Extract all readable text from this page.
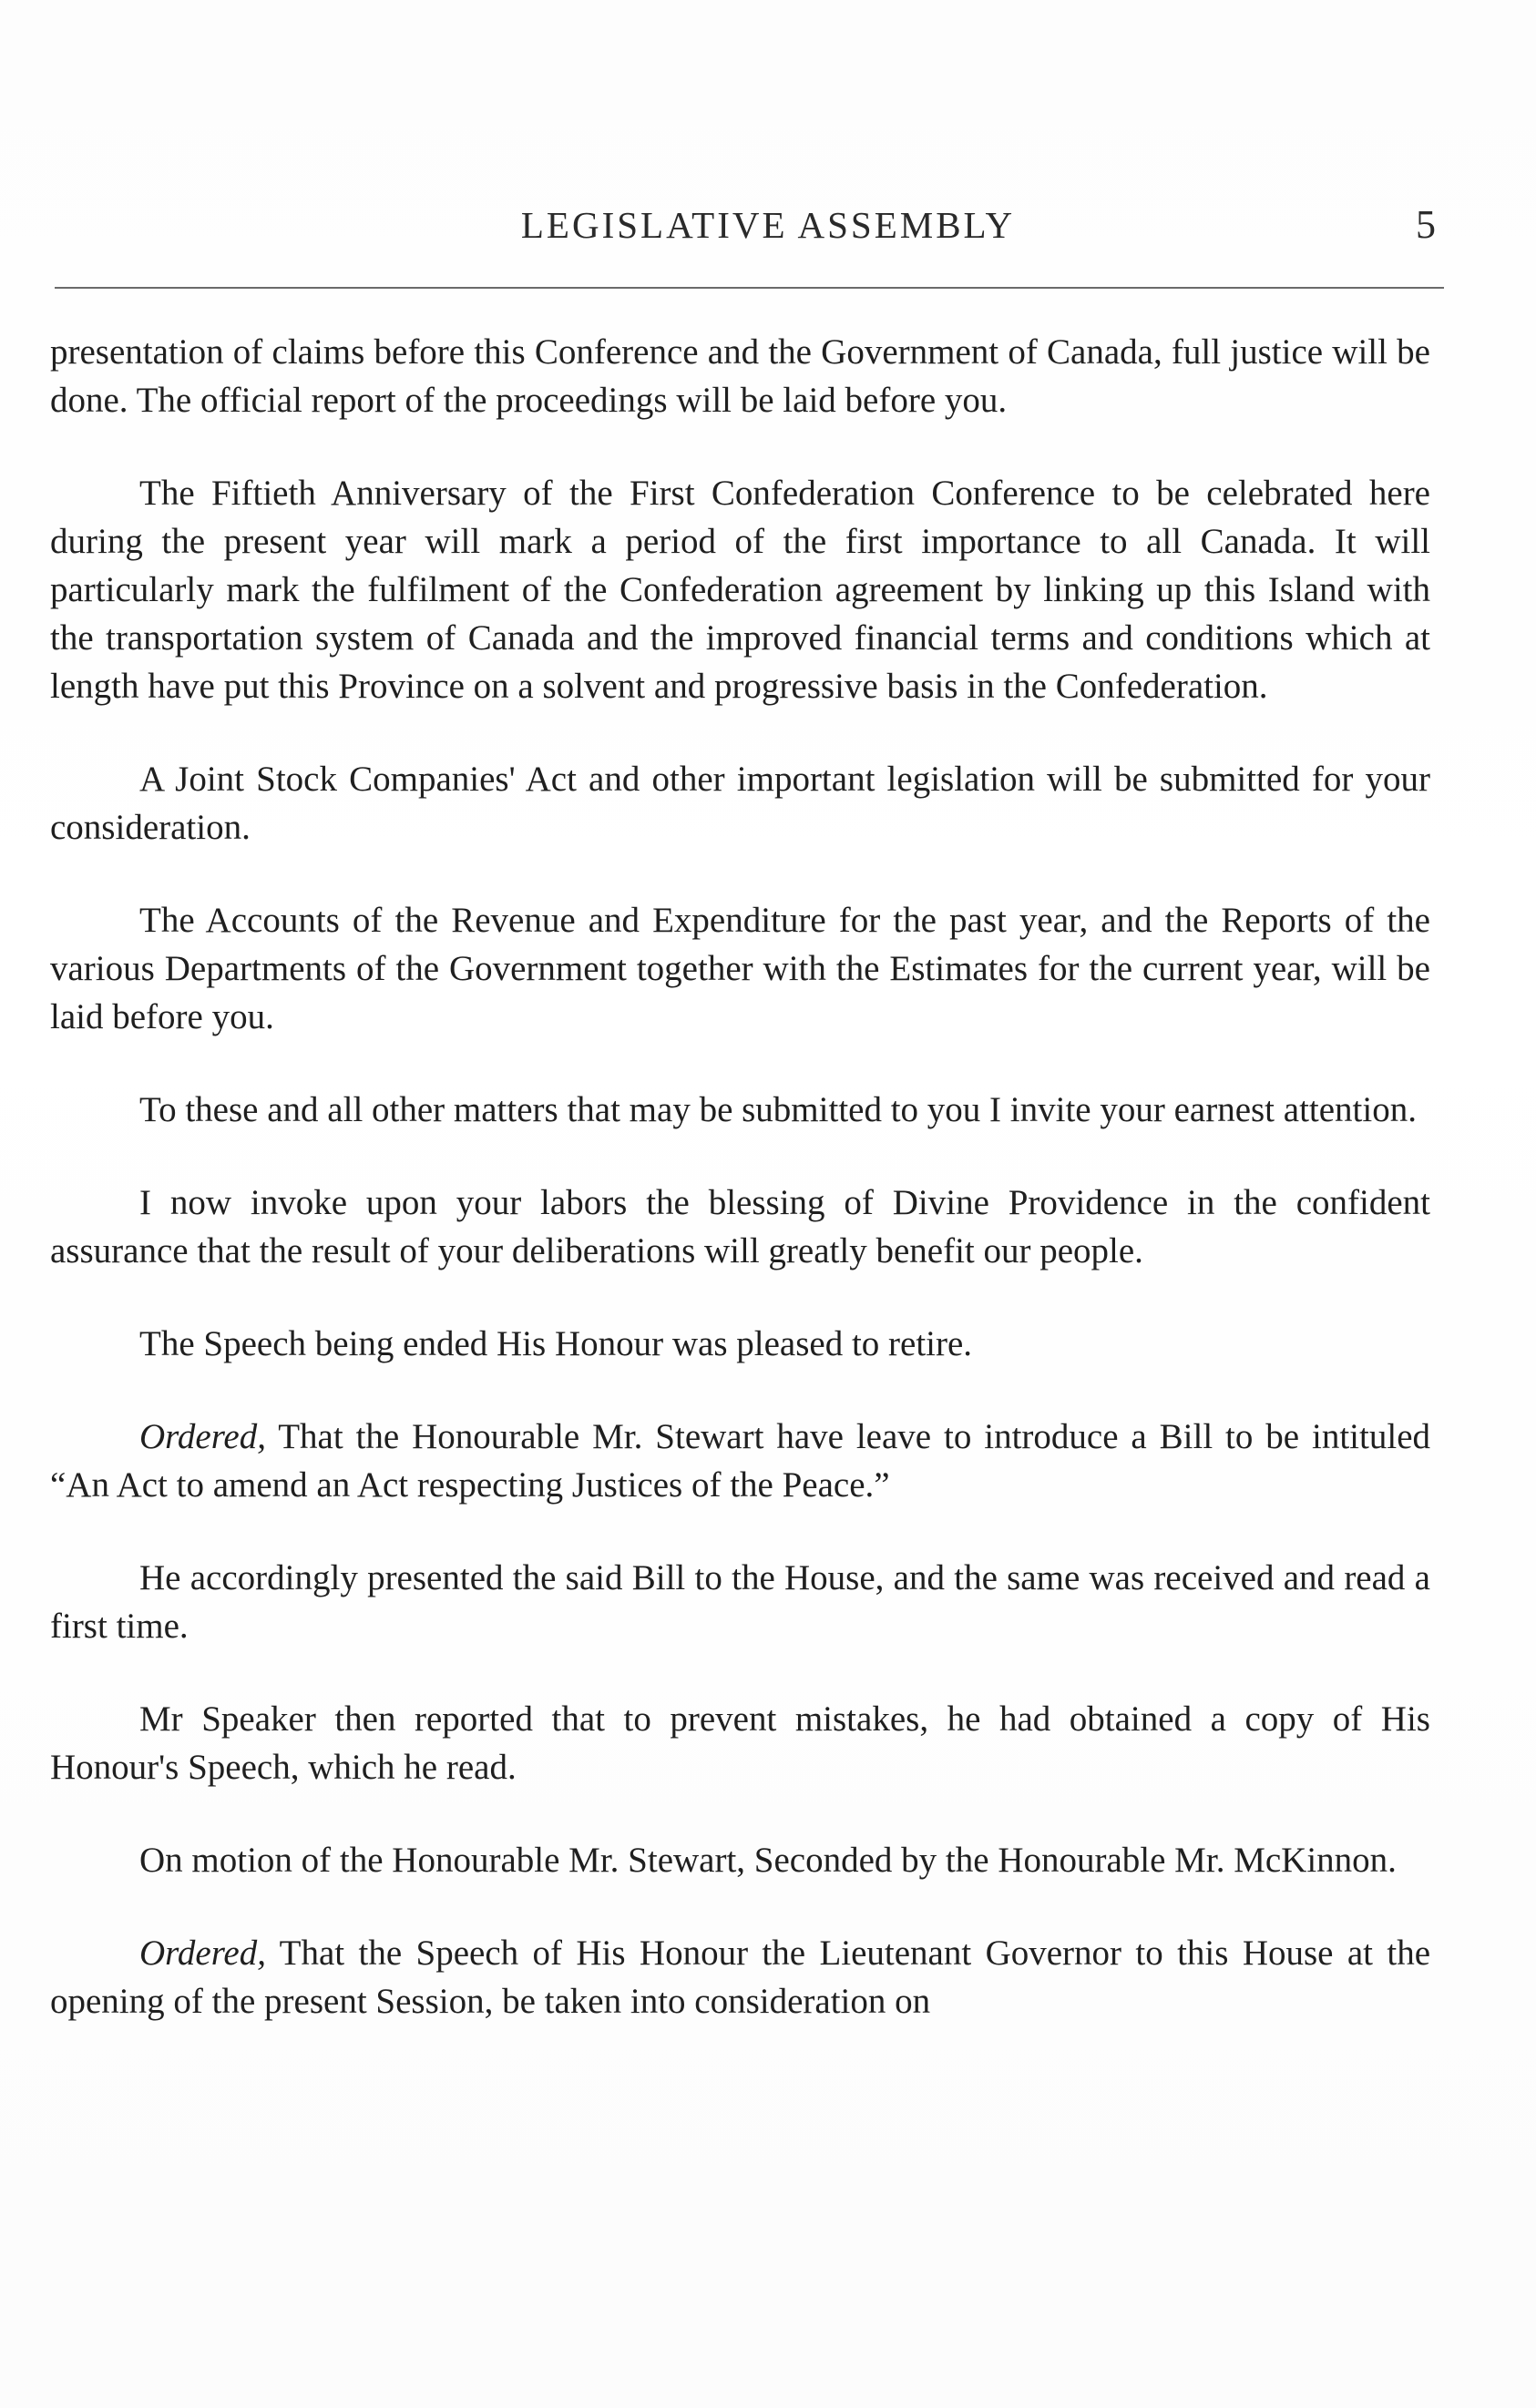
LEGISLATIVE ASSEMBLY	5

presentation of claims before this Conference and the Government of Canada, full justice will be done. The official report of the proceedings will be laid before you.

The Fiftieth Anniversary of the First Confederation Conference to be celebrated here during the present year will mark a period of the first importance to all Canada. It will particularly mark the fulfilment of the Confederation agreement by linking up this Island with the transportation system of Canada and the improved financial terms and conditions which at length have put this Province on a solvent and progressive basis in the Confederation.

A Joint Stock Companies' Act and other important legislation will be submitted for your consideration.

The Accounts of the Revenue and Expenditure for the past year, and the Reports of the various Departments of the Government together with the Estimates for the current year, will be laid before you.

To these and all other matters that may be submitted to you I invite your earnest attention.

I now invoke upon your labors the blessing of Divine Providence in the confident assurance that the result of your deliberations will greatly benefit our people.

The Speech being ended His Honour was pleased to retire.

Ordered, That the Honourable Mr. Stewart have leave to introduce a Bill to be intituled “An Act to amend an Act respecting Justices of the Peace.”

He accordingly presented the said Bill to the House, and the same was received and read a first time.

Mr Speaker then reported that to prevent mistakes, he had obtained a copy of His Honour's Speech, which he read.

On motion of the Honourable Mr. Stewart, Seconded by the Honourable Mr. McKinnon.

Ordered, That the Speech of His Honour the Lieutenant Governor to this House at the opening of the present Session, be taken into consideration on
